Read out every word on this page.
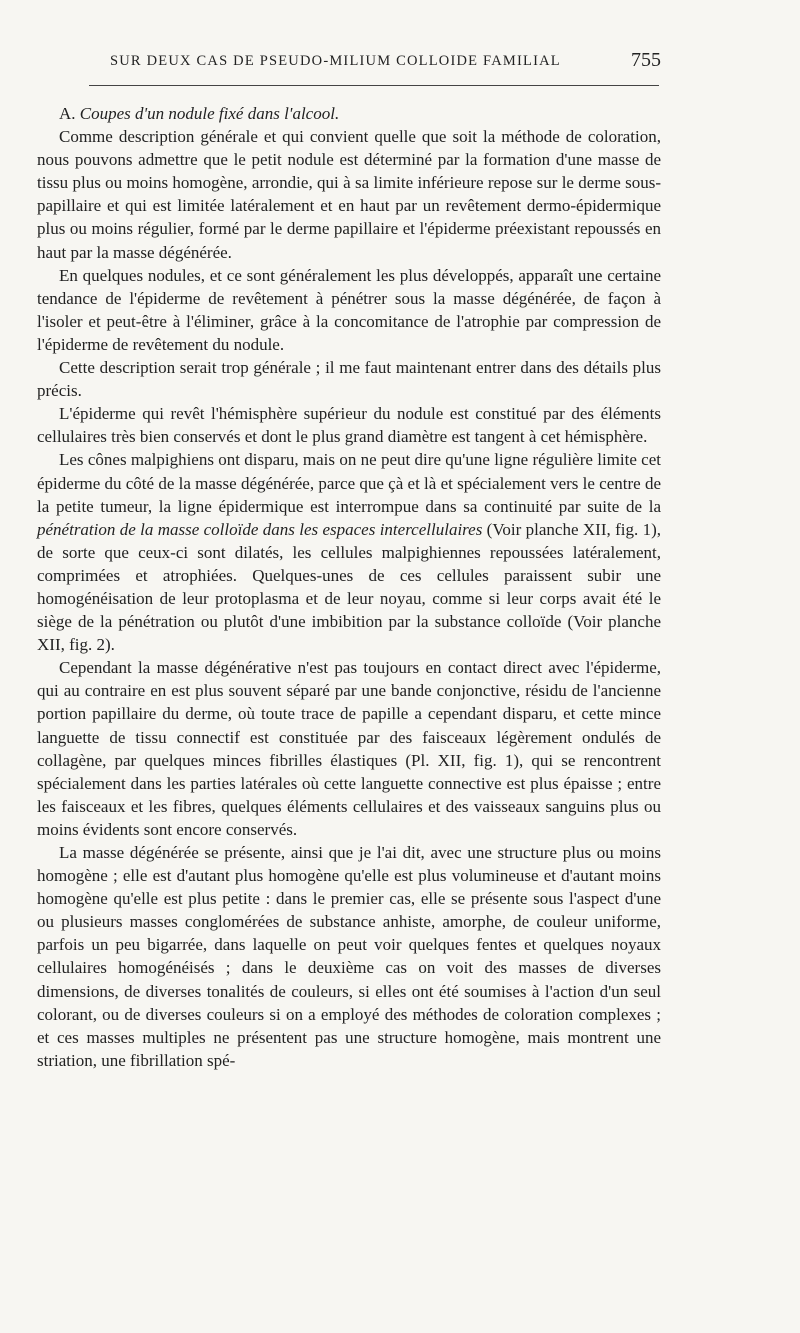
SUR DEUX CAS DE PSEUDO-MILIUM COLLOIDE FAMILIAL	755

A. Coupes d'un nodule fixé dans l'alcool.

Comme description générale et qui convient quelle que soit la méthode de coloration, nous pouvons admettre que le petit nodule est déterminé par la formation d'une masse de tissu plus ou moins homogène, arrondie, qui à sa limite inférieure repose sur le derme sous-papillaire et qui est limitée latéralement et en haut par un revêtement dermo-épidermique plus ou moins régulier, formé par le derme papillaire et l'épiderme préexistant repoussés en haut par la masse dégénérée.

En quelques nodules, et ce sont généralement les plus développés, apparaît une certaine tendance de l'épiderme de revêtement à pénétrer sous la masse dégénérée, de façon à l'isoler et peut-être à l'éliminer, grâce à la concomitance de l'atrophie par compression de l'épiderme de revêtement du nodule.

Cette description serait trop générale ; il me faut maintenant entrer dans des détails plus précis.

L'épiderme qui revêt l'hémisphère supérieur du nodule est constitué par des éléments cellulaires très bien conservés et dont le plus grand diamètre est tangent à cet hémisphère.

Les cônes malpighiens ont disparu, mais on ne peut dire qu'une ligne régulière limite cet épiderme du côté de la masse dégénérée, parce que çà et là et spécialement vers le centre de la petite tumeur, la ligne épidermique est interrompue dans sa continuité par suite de la pénétration de la masse colloïde dans les espaces intercellulaires (Voir planche XII, fig. 1), de sorte que ceux-ci sont dilatés, les cellules malpighiennes repoussées latéralement, comprimées et atrophiées. Quelques-unes de ces cellules paraissent subir une homogénéisation de leur protoplasma et de leur noyau, comme si leur corps avait été le siège de la pénétration ou plutôt d'une imbibition par la substance colloïde (Voir planche XII, fig. 2).

Cependant la masse dégénérative n'est pas toujours en contact direct avec l'épiderme, qui au contraire en est plus souvent séparé par une bande conjonctive, résidu de l'ancienne portion papillaire du derme, où toute trace de papille a cependant disparu, et cette mince languette de tissu connectif est constituée par des faisceaux légèrement ondulés de collagène, par quelques minces fibrilles élastiques (Pl. XII, fig. 1), qui se rencontrent spécialement dans les parties latérales où cette languette connective est plus épaisse ; entre les faisceaux et les fibres, quelques éléments cellulaires et des vaisseaux sanguins plus ou moins évidents sont encore conservés.

La masse dégénérée se présente, ainsi que je l'ai dit, avec une structure plus ou moins homogène ; elle est d'autant plus homogène qu'elle est plus volumineuse et d'autant moins homogène qu'elle est plus petite : dans le premier cas, elle se présente sous l'aspect d'une ou plusieurs masses conglomérées de substance anhiste, amorphe, de couleur uniforme, parfois un peu bigarrée, dans laquelle on peut voir quelques fentes et quelques noyaux cellulaires homogénéisés ; dans le deuxième cas on voit des masses de diverses dimensions, de diverses tonalités de couleurs, si elles ont été soumises à l'action d'un seul colorant, ou de diverses couleurs si on a employé des méthodes de coloration complexes ; et ces masses multiples ne présentent pas une structure homogène, mais montrent une striation, une fibrillation spé-
